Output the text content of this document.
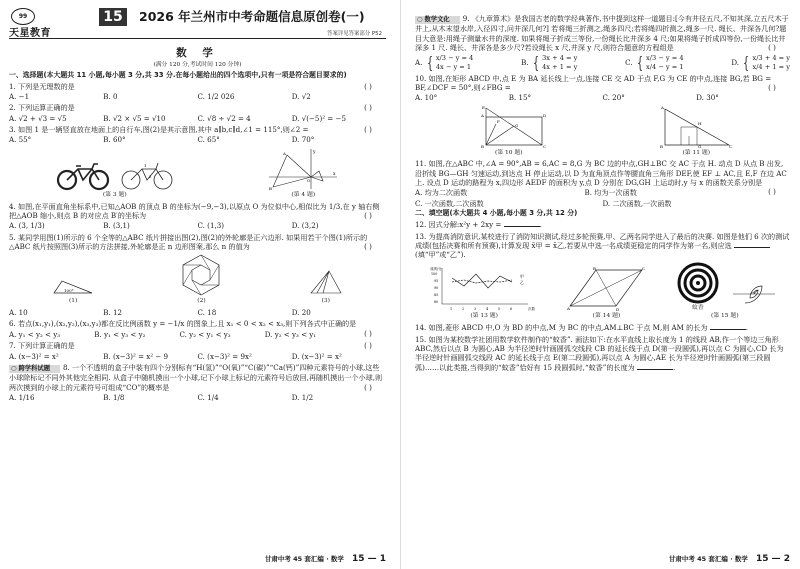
99
天星教育
15	2026 年兰州市中考命题信息原创卷(一)
答案详见答案部分 P52
数 学
(满分 120 分,考试时间 120 分钟)
一、选择题(本大题共 11 小题,每小题 3 分,共 33 分.在每小题给出的四个选项中,只有一项是符合题目要求的)
1. 下列是无理数的是	( )
A. −1	B. 0	C. 1/2 026	D. √2
2. 下列运算正确的是	( )
A. √2 + √3 = √5	B. √2 × √5 = √10	C. √8 ÷ √2 = 4	D. √(−5)² = −5
3. 如图 1 是一辆竖直放在地面上的自行车,图(2)是其示意图,其中 a∥b,c∥d,∠1 = 115°,则∠2 =	( )
A. 55°	B. 60°	C. 65°	D. 70°
1
2
(第 3 题)
y
x
O
B
A
(第 4 题)
4. 如图,在平面直角坐标系中,已知△AOB 的顶点 B 的坐标为(−9,−3),以原点 O 为位似中心,相似比为 1/3,在 y 轴右侧把△AOB 缩小,则点 B 的对应点 B′的坐标为	( )
A. (3, 1/3)	B. (3,1)	C. (1,3)	D. (3,2)
5. 某同学用图(1)所示的 6 个全等的△ABC 纸片拼接出图(2),图(2)的外轮廓是正六边形. 如果用若干个图(1)所示的△ABC 纸片按照图(3)所示的方法拼接,外轮廓是正 n 边形图案,那么 n 的值为	( )
100°
(1)	(2)	(3)
A. 10	B. 12	C. 18	D. 20
6. 若点(x₁,y₁),(x₂,y₂),(x₃,y₃)都在反比例函数 y = −1/x 的图象上,且 x₁ < 0 < x₂ < x₃,则下列各式中正确的是
( )
A. y₁ < y₂ < y₃	B. y₁ < y₃ < y₂	C. y₂ < y₁ < y₃	D. y₂ < y₃ < y₁
7. 下列计算正确的是	( )
A. (x−3)² = x²	B. (x−3)² = x² − 9	C. (x−3)² = 9x²	D. (x−3)² = x²
○ 跨学科试题 8. 一个不透明的盒子中装有四个分别标有“H(氢)”“O(氧)”“C(碳)”“Ca(钙)”四种元素符号的小球,这些小球除标记不同外其他完全相同. 从盒子中随机摸出一个小球,记下小球上标记的元素符号后放回,再随机摸出一个小球,则两次摸到的小球上的元素符号可组成“CO”的概率是	( )
A. 1/16	B. 1/8	C. 1/4	D. 1/2
甘肃中考 45 套汇编 · 数学 15 — 1
○ 数学文化 9. 《九章算术》是我国古老的数学经典著作,书中提到这样一道题目:[今有井径五尺,不知其深,立五尺木于井上,从木末望水岸,入径四寸,问井深几何?] 若将绳三折测之,绳多四尺;若将绳四折测之,绳多一尺. 绳长、井深各几何?题目大意是:用绳子测量水井的深度. 如果将绳子折成三等份,一份绳长比井深多 4 尺;如果将绳子折成四等份,一份绳长比井深多 1 尺. 绳长、井深各是多少尺?若设绳长 x 尺,井深 y 尺,则符合题意的方程组是	( )
A. { x/3 − y = 4
4x − y = 1	B. { 3x + 4 = y
4x + 1 = y	C. { x/3 − y = 4
x/4 − y = 1	D. { x/3 + 4 = y
x/4 + 1 = y
10. 如图,在矩形 ABCD 中,点 E 为 BA 延长线上一点,连接 CE 交 AD 于点 F,G 为 CE 的中点,连接 BG,若 BG = BF,∠DCF = 50°,则∠FBG =	( )
A. 10°	B. 15°	C. 20°	D. 30°
E
A	D
B	C
F
G
(第 10 题)
A
B	C
H
G
(第 11 题)
11. 如图,在△ABC 中,∠A = 90°,AB = 6,AC = 8,G 为 BC 边的中点,GH⊥BC 交 AC 于点 H. 动点 D 从点 B 出发,沿折线 BG—GH 匀速运动,到达点 H 停止运动,以 D 为直角顶点作等腰直角三角形 DEF,使 EF ⊥ AC,且 E,F 在边 AC 上. 设点 D 运动的路程为 x,四边形 AEDF 的面积为 y,点 D 分别在 DG,GH 上运动时,y 与 x 的函数关系分别是
( )
A. 均为二次函数	B. 均为一次函数
C. 一次函数,二次函数	D. 二次函数,一次函数
二、填空题(本大题共 4 小题,每小题 3 分,共 12 分)
12. 因式分解:x²y + 2xy =	.
13. 为提高消防意识,某校进行了消防知识测试,经过多轮预赛,甲、乙两名同学进入了最后的决赛. 如图是他们 6 次的测试成绩(包括决赛和所有预赛),计算发现 x̄甲 = x̄乙,若要从中选一名成绩更稳定的同学作为第一名,则应选 (填“甲”或“乙”).
成绩/分
次数
100
95
90
85
80
1	2	3	4	5	6
甲
乙
(第 13 题)
A
B	C
D
(第 14 题)
蚊香
(第 15 题)
14. 如图,菱形 ABCD 中,O 为 BD 的中点,M 为 BC 的中点,AM⊥BC 于点 M,则 AM 的长为	.
15. 如图为某校数学社团用数学软件制作的“蚊香”. 画法如下:在水平直线上取长度为 1 的线段 AB,作一个等边三角形 ABC,然后以点 B 为圆心,AB 为半径逆时针画圆弧交线段 CB 的延长线于点 D(第一段圆弧),再以点 C 为圆心,CD 长为半径逆时针画圆弧交线段 AC 的延长线于点 E(第二段圆弧),再以点 A 为圆心,AE 长为半径逆时针画圆弧(第三段圆弧)……以此类推,当得到的“蚊香”恰好有 15 段圆弧时,“蚊香”的长度为	.
甘肃中考 45 套汇编 · 数学 15 — 2
